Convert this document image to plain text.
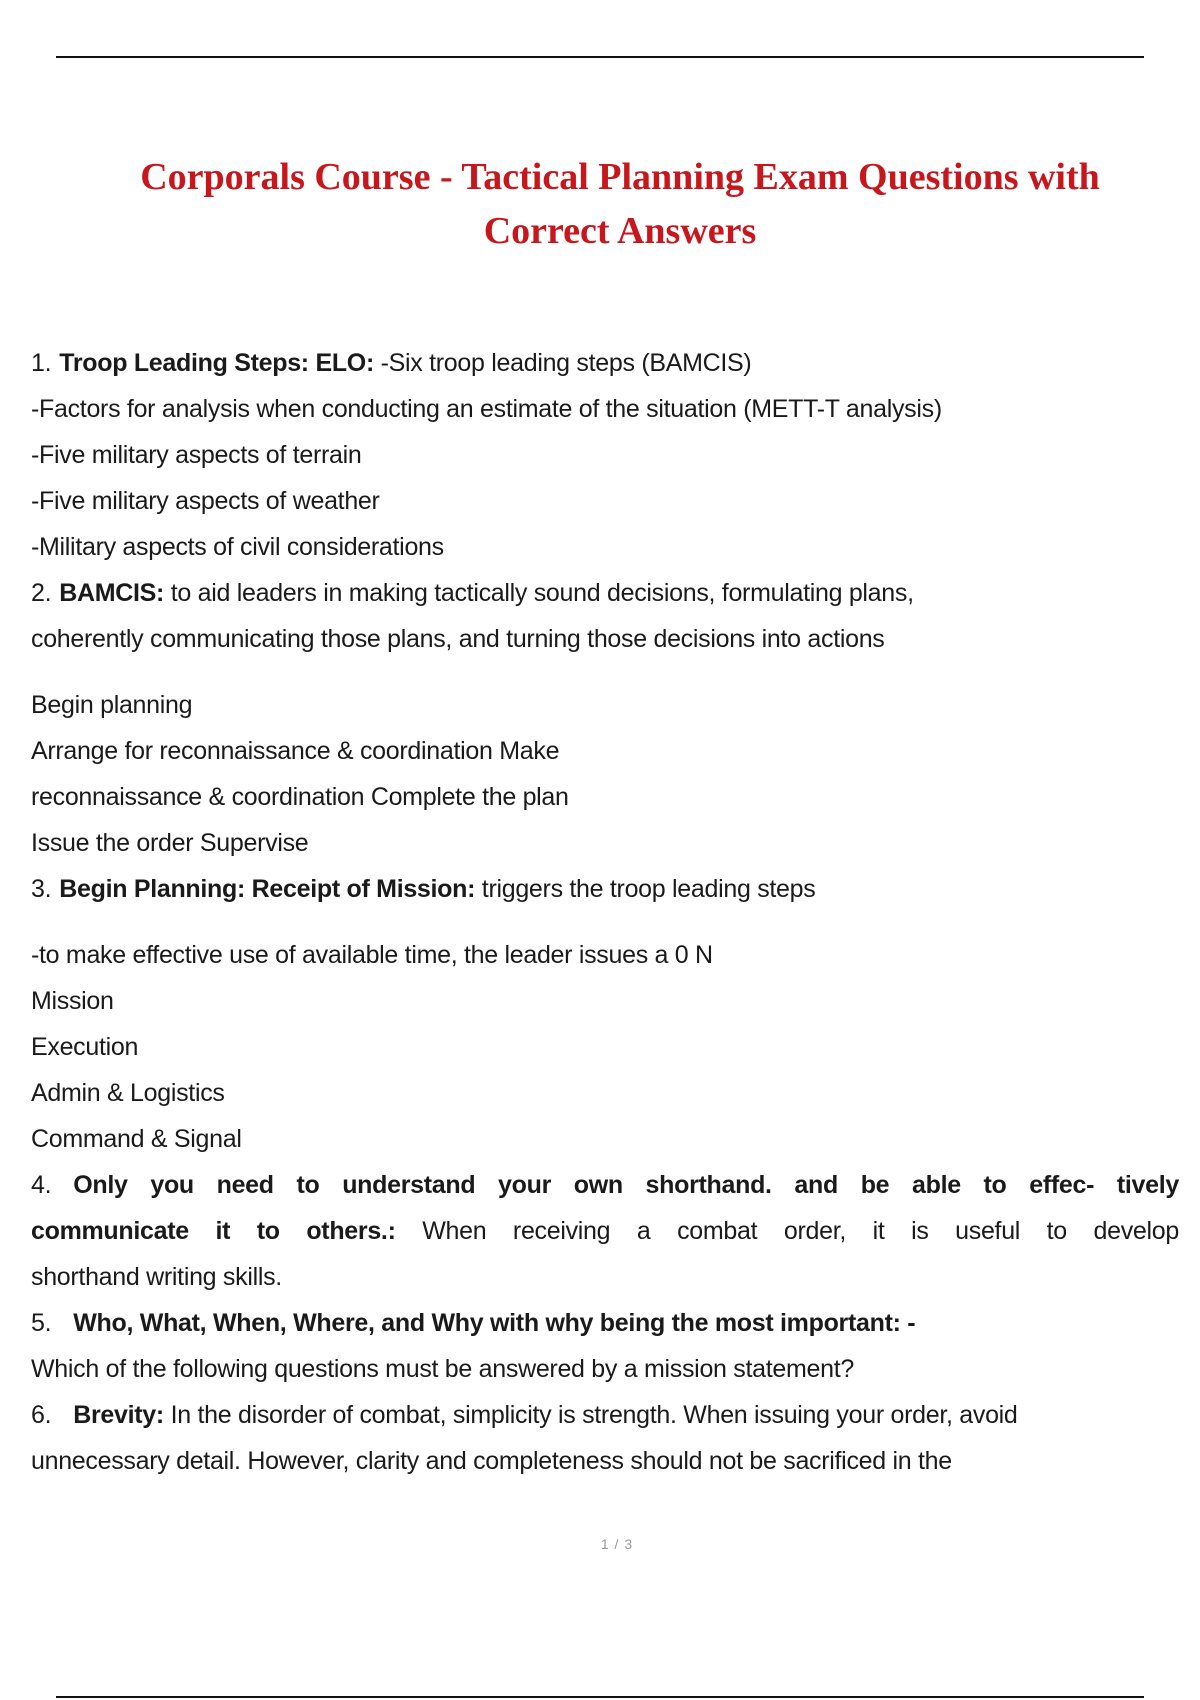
Corporals Course - Tactical Planning Exam Questions with
Correct Answers
1. Troop Leading Steps: ELO: -Six troop leading steps (BAMCIS)
-Factors for analysis when conducting an estimate of the situation (METT-T analysis)
-Five military aspects of terrain
-Five military aspects of weather
-Military aspects of civil considerations
2. BAMCIS: to aid leaders in making tactically sound decisions, formulating plans,
coherently communicating those plans, and turning those decisions into actions
Begin planning
Arrange for reconnaissance & coordination Make
reconnaissance & coordination Complete the plan
Issue the order Supervise
3. Begin Planning: Receipt of Mission: triggers the troop leading steps
-to make effective use of available time, the leader issues a 0 N
Mission
Execution
Admin & Logistics
Command & Signal
4. Only you need to understand your own shorthand. and be able to effec- tively
communicate it to others.: When receiving a combat order, it is useful to develop
shorthand writing skills.
5. Who, What, When, Where, and Why with why being the most important: -
Which of the following questions must be answered by a mission statement?
6. Brevity: In the disorder of combat, simplicity is strength. When issuing your order, avoid
unnecessary detail. However, clarity and completeness should not be sacrificed in the
1 / 3
